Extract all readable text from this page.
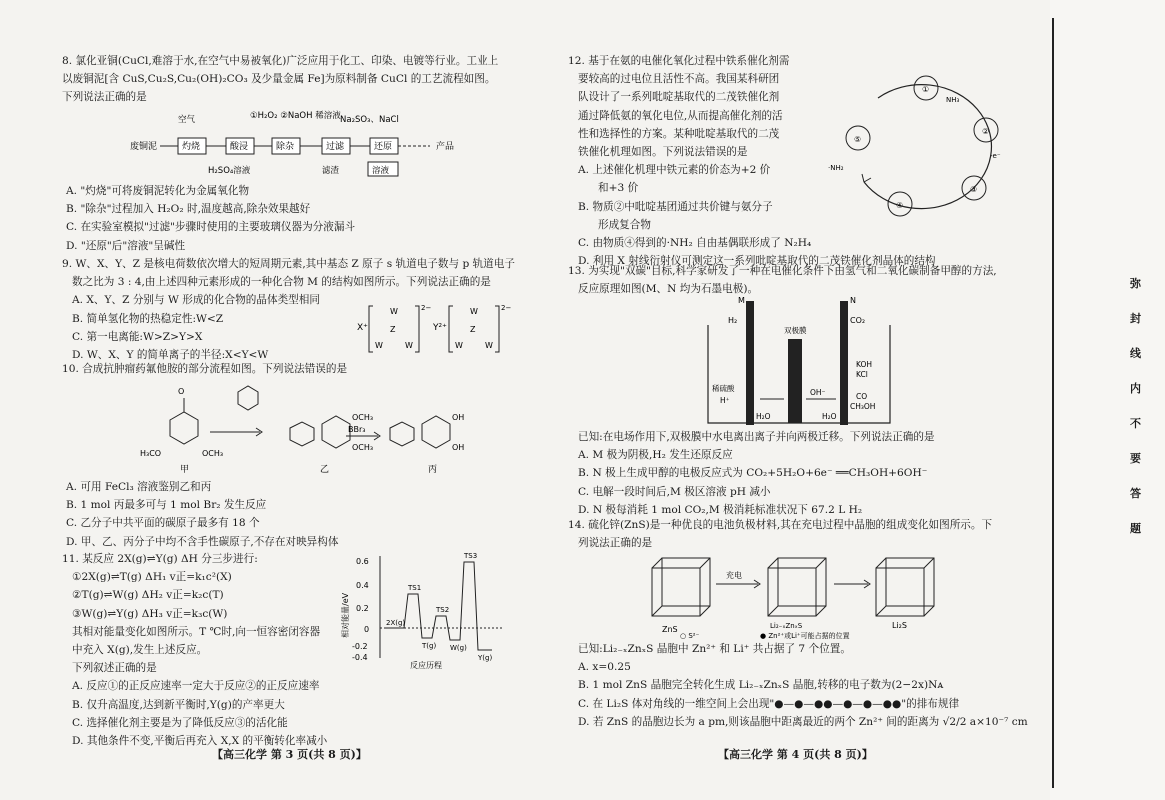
8. 氯化亚铜(CuCl,难溶于水,在空气中易被氧化)广泛应用于化工、印染、电镀等行业。工业上

以废铜泥[含 CuS,Cu₂S,Cu₂(OH)₂CO₃ 及少量金属 Fe]为原料制备 CuCl 的工艺流程如图。

下列说法正确的是

废铜泥	灼烧	酸浸	除杂	过滤	还原	产品
空气	①H₂O₂ ②NaOH 稀溶液 Na₂SO₃、NaCl
H₂SO₄溶液	滤渣	溶液

A. "灼烧"可将废铜泥转化为金属氧化物

B. "除杂"过程加入 H₂O₂ 时,温度越高,除杂效果越好

C. 在实验室模拟"过滤"步骤时使用的主要玻璃仪器为分液漏斗

D. "还原"后"溶液"呈碱性

9. W、X、Y、Z 是核电荷数依次增大的短周期元素,其中基态 Z 原子 s 轨道电子数与 p 轨道电子

数之比为 3 : 4,由上述四种元素形成的一种化合物 M 的结构如图所示。下列说法正确的是

A. X、Y、Z 分别与 W 形成的化合物的晶体类型相同

B. 简单氢化物的热稳定性:W<Z

C. 第一电离能:W>Z>Y>X

D. W、X、Y 的简单离子的半径:X<Y<W

X⁺
W
Z
W	W
2−
Y²⁺
W
Z
W	W
2−

10. 合成抗肿瘤药氟他胺的部分流程如图。下列说法错误的是

O
H₃CO	OCH₃
甲
OCH₃
OCH₃
乙
BBr₃
OH
OH
丙

A. 可用 FeCl₃ 溶液鉴别乙和丙

B. 1 mol 丙最多可与 1 mol Br₂ 发生反应

C. 乙分子中共平面的碳原子最多有 18 个

D. 甲、乙、丙分子中均不含手性碳原子,不存在对映异构体

11. 某反应 2X(g)⇌Y(g) ΔH 分三步进行:

①2X(g)⇌T(g) ΔH₁ v正=k₁c²(X)

②T(g)⇌W(g) ΔH₂ v正=k₂c(T)

③W(g)⇌Y(g) ΔH₃ v正=k₃c(W)

其相对能量变化如图所示。T ℃时,向一恒容密闭容器

中充入 X(g),发生上述反应。

下列叙述正确的是

A. 反应①的正反应速率一定大于反应②的正反应速率

B. 仅升高温度,达到新平衡时,Y(g)的产率更大

C. 选择催化剂主要是为了降低反应③的活化能

D. 其他条件不变,平衡后再充入 X,X 的平衡转化率减小

0.6
0.4
0.2
0
-0.2
-0.4
相对能量/eV	2X(g)
TS1
TS2
TS3
T(g) W(g)
Y(g)
反应历程
【高三化学 第 3 页(共 8 页)】

12. 基于在氨的电催化氧化过程中铁系催化剂需

要较高的过电位且活性不高。我国某科研团

队设计了一系列吡啶基取代的二茂铁催化剂

通过降低氨的氧化电位,从而提高催化剂的活

性和选择性的方案。某种吡啶基取代的二茂

铁催化机理如图。下列说法错误的是

A. 上述催化机理中铁元素的价态为+2 价

和+3 价

B. 物质②中吡啶基团通过共价键与氨分子

形成复合物

C. 由物质④得到的·NH₂ 自由基偶联形成了 N₂H₄

D. 利用 X 射线衍射仪可测定这一系列吡啶基取代的二茂铁催化剂晶体的结构

①
②
③
④
⑤
NH₃
-e⁻
·NH₂

13. 为实现"双碳"目标,科学家研发了一种在电催化条件下由氢气和二氧化碳制备甲醇的方法,

反应原理如图(M、N 均为石墨电极)。

M	N
H₂	CO₂
双极膜
稀硫酸
H⁺
KOH
KCl
CO
CH₃OH
H₂O	H₂O
OH⁻

已知:在电场作用下,双极膜中水电离出离子并向两极迁移。下列说法正确的是

A. M 极为阴极,H₂ 发生还原反应

B. N 极上生成甲醇的电极反应式为 CO₂+5H₂O+6e⁻ ══CH₃OH+6OH⁻

C. 电解一段时间后,M 极区溶液 pH 减小

D. N 极每消耗 1 mol CO₂,M 极消耗标准状况下 67.2 L H₂

14. 硫化锌(ZnS)是一种优良的电池负极材料,其在充电过程中晶胞的组成变化如图所示。下

列说法正确的是

充电
ZnS	Li₂₋ₓZnₓS	Li₂S
○ S²⁻	● Zn²⁺或Li⁺可能占据的位置

已知:Li₂₋ₓZnₓS 晶胞中 Zn²⁺ 和 Li⁺ 共占据了 7 个位置。

A. x=0.25

B. 1 mol ZnS 晶胞完全转化生成 Li₂₋ₓZnₓS 晶胞,转移的电子数为(2−2x)Nᴀ

C. 在 Li₂S 体对角线的一维空间上会出现"●—●—●●—●—●—●●"的排布规律

D. 若 ZnS 的晶胞边长为 a pm,则该晶胞中距离最近的两个 Zn²⁺ 间的距离为 √2/2 a×10⁻⁷ cm

【高三化学 第 4 页(共 8 页)】
弥
封
线
内
不
要
答
题
